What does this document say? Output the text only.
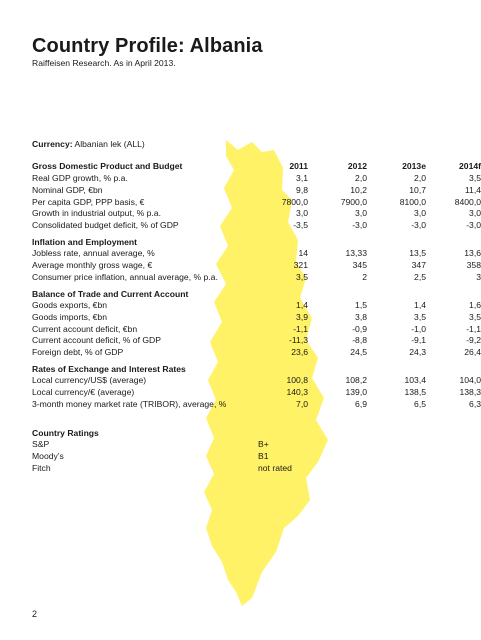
Country Profile: Albania
Raiffeisen Research. As in April 2013.
Currency: Albanian lek (ALL)
Gross Domestic Product and Budget	2011	2012	2013e	2014f
Real GDP growth, % p.a.	3,1	2,0	2,0	3,5
Nominal GDP, €bn	9,8	10,2	10,7	11,4
Per capita GDP, PPP basis, €	7800,0	7900,0	8100,0	8400,0
Growth in industrial output, % p.a.	3,0	3,0	3,0	3,0
Consolidated budget deficit, % of GDP	-3,5	-3,0	-3,0	-3,0
Inflation and Employment
Jobless rate, annual average, %	14	13,33	13,5	13,6
Average monthly gross wage, €	321	345	347	358
Consumer price inflation, annual average, % p.a.	3,5	2	2,5	3
Balance of Trade and Current Account
Goods exports, €bn	1,4	1,5	1,4	1,6
Goods imports, €bn	3,9	3,8	3,5	3,5
Current account deficit, €bn	-1,1	-0,9	-1,0	-1,1
Current account deficit, % of GDP	-11,3	-8,8	-9,1	-9,2
Foreign debt, % of GDP	23,6	24,5	24,3	26,4
Rates of Exchange and Interest Rates
Local currency/US$ (average)	100,8	108,2	103,4	104,0
Local currency/€ (average)	140,3	139,0	138,5	138,3
3-month money market rate (TRIBOR), average, %	7,0	6,9	6,5	6,3
Country Ratings
S&P	B+
Moody’s	B1
Fitch	not rated
2
